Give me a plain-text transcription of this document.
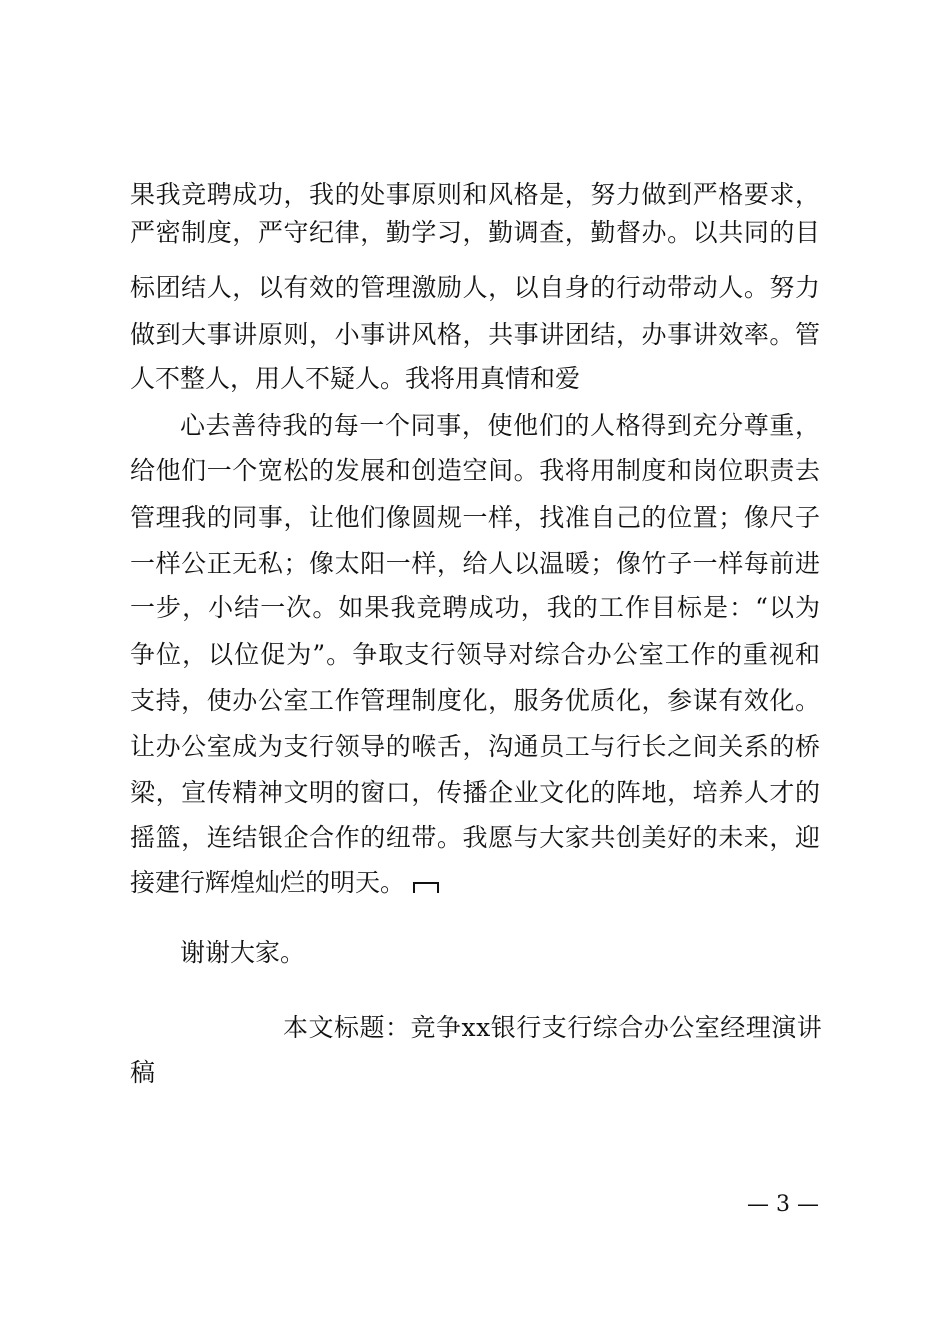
果我竞聘成功，我的处事原则和风格是，努力做到严格要求，
严密制度，严守纪律，勤学习，勤调查，勤督办。以共同的目
标团结人，以有效的管理激励人，以自身的行动带动人。努力
做到大事讲原则，小事讲风格，共事讲团结，办事讲效率。管
人不整人，用人不疑人。我将用真情和爱
心去善待我的每一个同事，使他们的人格得到充分尊重，
给他们一个宽松的发展和创造空间。我将用制度和岗位职责去
管理我的同事，让他们像圆规一样，找准自己的位置；像尺子
一样公正无私；像太阳一样，给人以温暖；像竹子一样每前进
一步，小结一次。如果我竞聘成功，我的工作目标是：“以为
争位，以位促为”。争取支行领导对综合办公室工作的重视和
支持，使办公室工作管理制度化，服务优质化，参谋有效化。
让办公室成为支行领导的喉舌，沟通员工与行长之间关系的桥
梁，宣传精神文明的窗口，传播企业文化的阵地，培养人才的
摇篮，连结银企合作的纽带。我愿与大家共创美好的未来，迎
接建行辉煌灿烂的明天。
谢谢大家。
本文标题：竞争xx银行支行综合办公室经理演讲
稿
— 3 —
